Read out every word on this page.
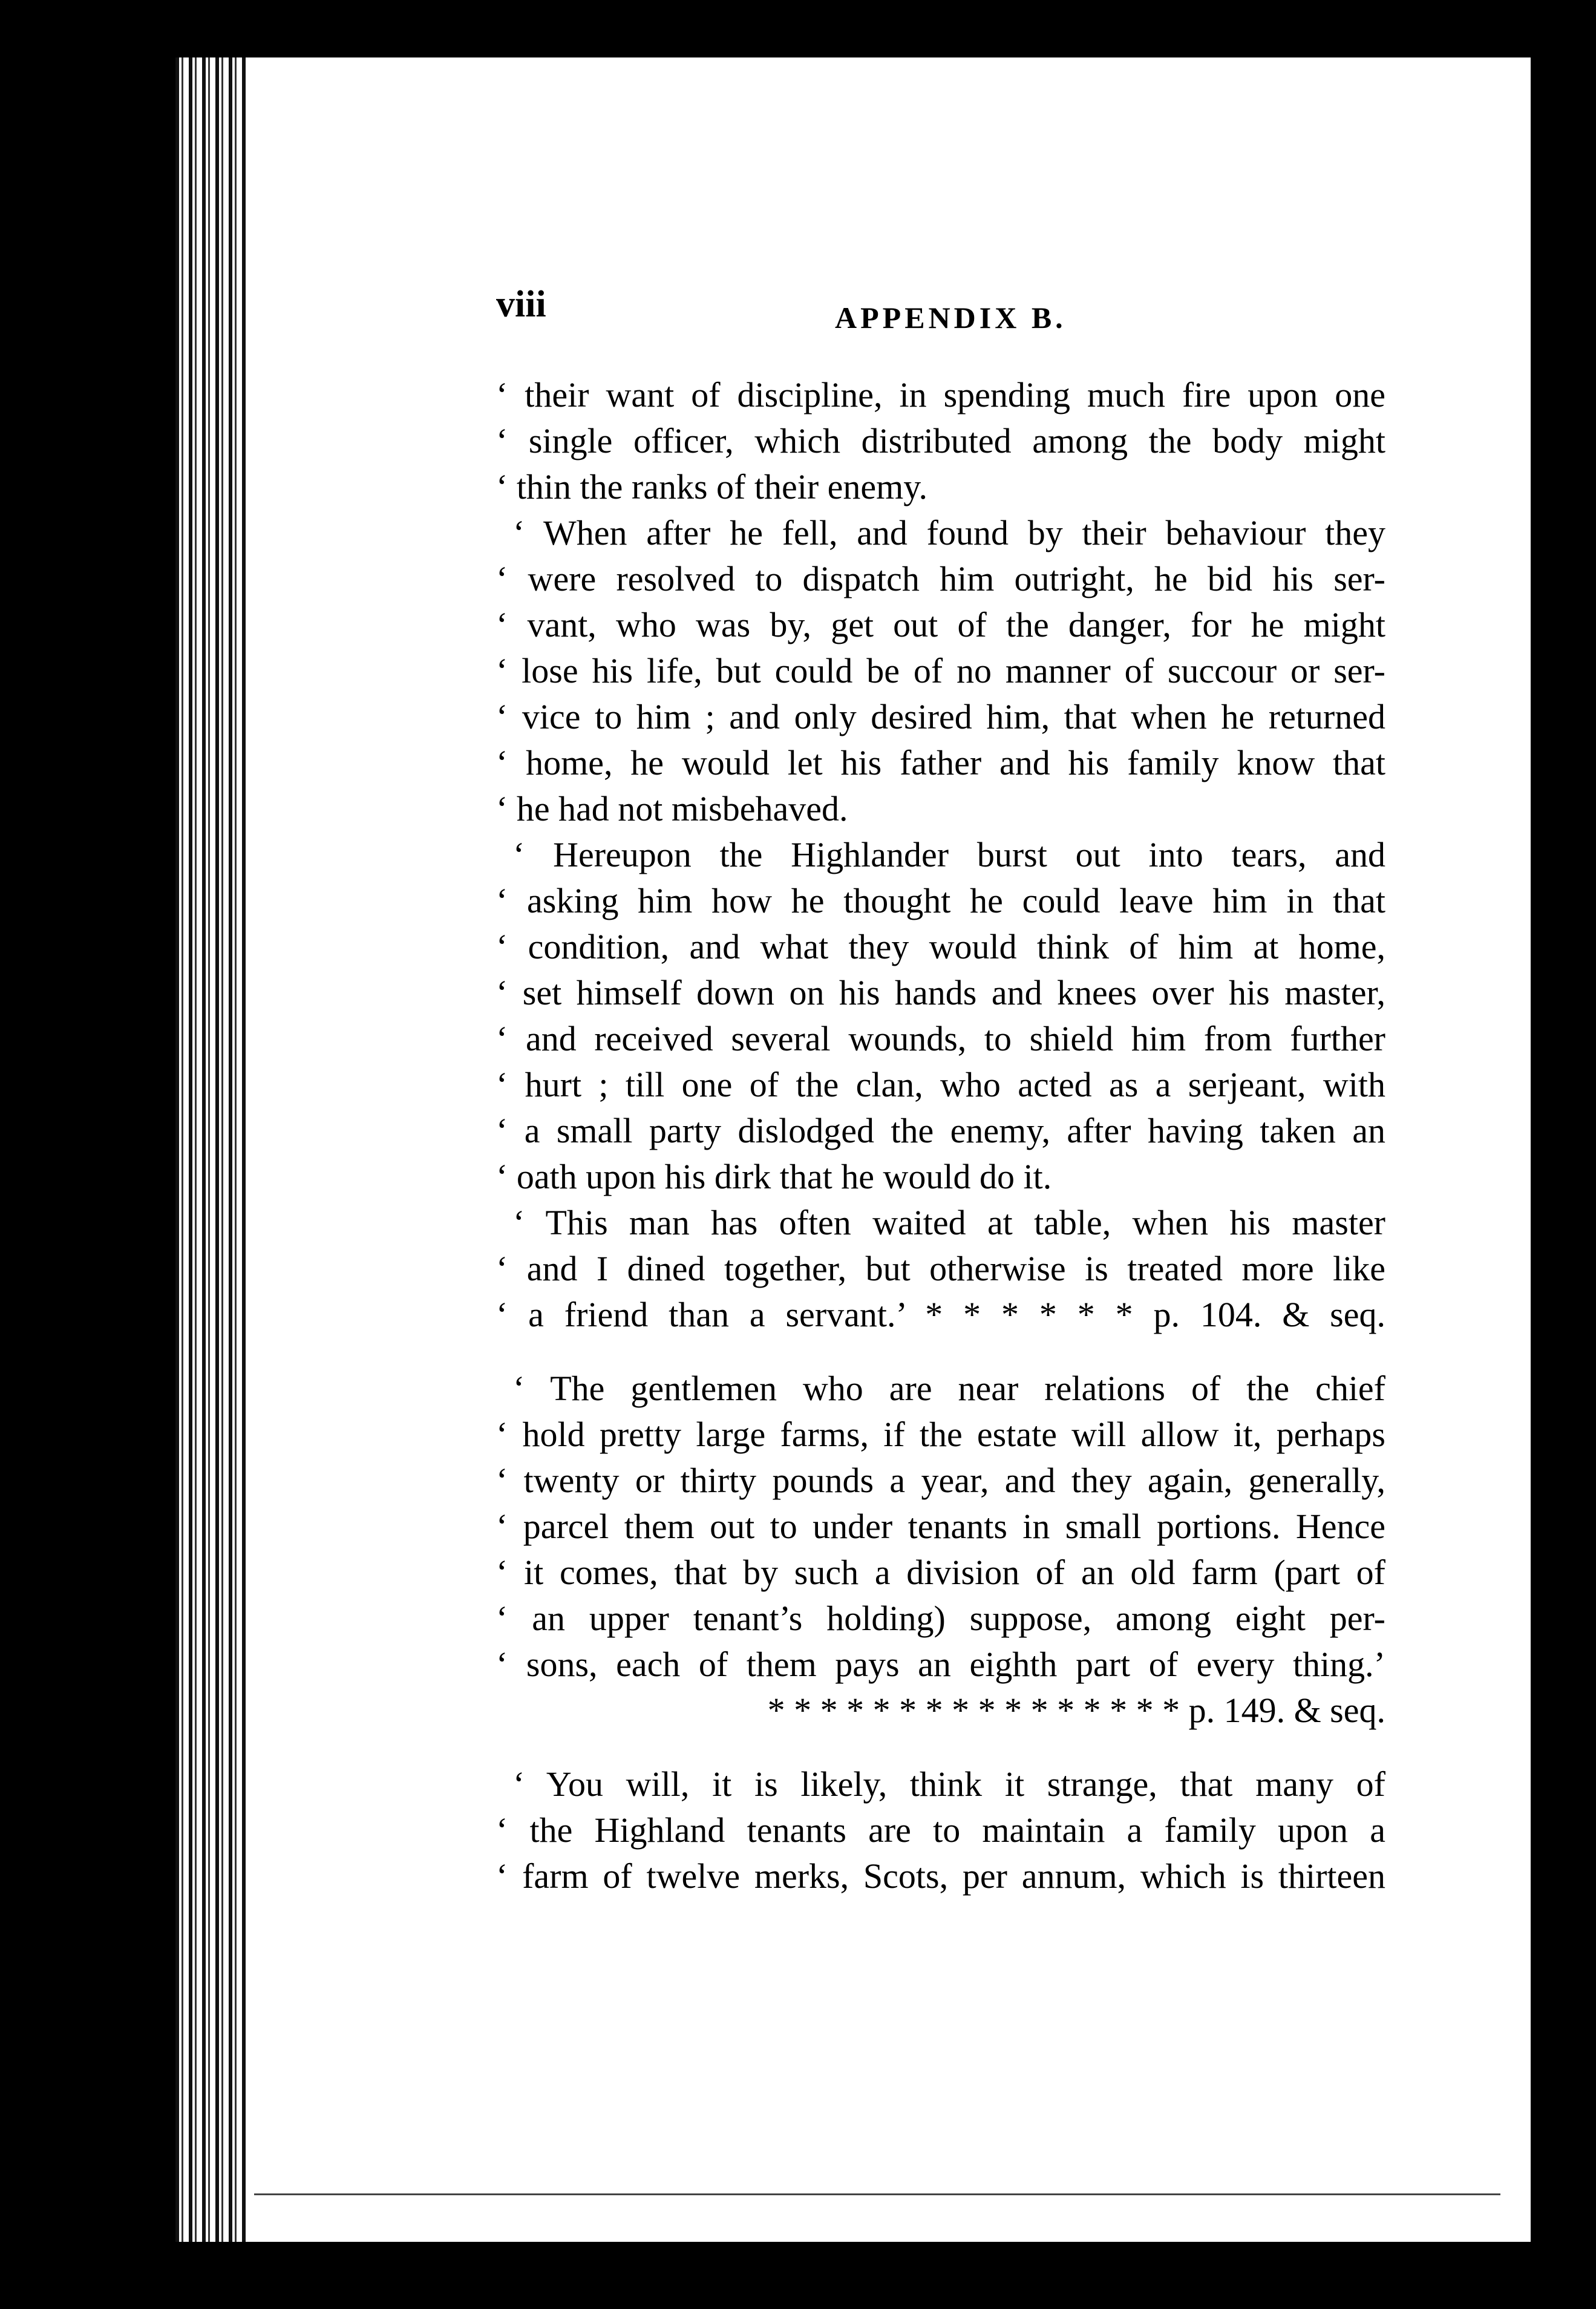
viii	APPENDIX B.
‘ their want of discipline, in spending much fire upon one
‘ single officer, which distributed among the body might
‘ thin the ranks of their enemy.
‘ When after he fell, and found by their behaviour they
‘ were resolved to dispatch him outright, he bid his ser-
‘ vant, who was by, get out of the danger, for he might
‘ lose his life, but could be of no manner of succour or ser-
‘ vice to him ; and only desired him, that when he returned
‘ home, he would let his father and his family know that
‘ he had not misbehaved.
‘ Hereupon the Highlander burst out into tears, and
‘ asking him how he thought he could leave him in that
‘ condition, and what they would think of him at home,
‘ set himself down on his hands and knees over his master,
‘ and received several wounds, to shield him from further
‘ hurt ; till one of the clan, who acted as a serjeant, with
‘ a small party dislodged the enemy, after having taken an
‘ oath upon his dirk that he would do it.
‘ This man has often waited at table, when his master
‘ and I dined together, but otherwise is treated more like
‘ a friend than a servant.’ * * * * * * p. 104. & seq.
‘ The gentlemen who are near relations of the chief
‘ hold pretty large farms, if the estate will allow it, perhaps
‘ twenty or thirty pounds a year, and they again, generally,
‘ parcel them out to under tenants in small portions. Hence
‘ it comes, that by such a division of an old farm (part of
‘ an upper tenant’s holding) suppose, among eight per-
‘ sons, each of them pays an eighth part of every thing.’
* * * * * * * * * * * * * * * * p. 149. & seq.
‘ You will, it is likely, think it strange, that many of
‘ the Highland tenants are to maintain a family upon a
‘ farm of twelve merks, Scots, per annum, which is thirteen
